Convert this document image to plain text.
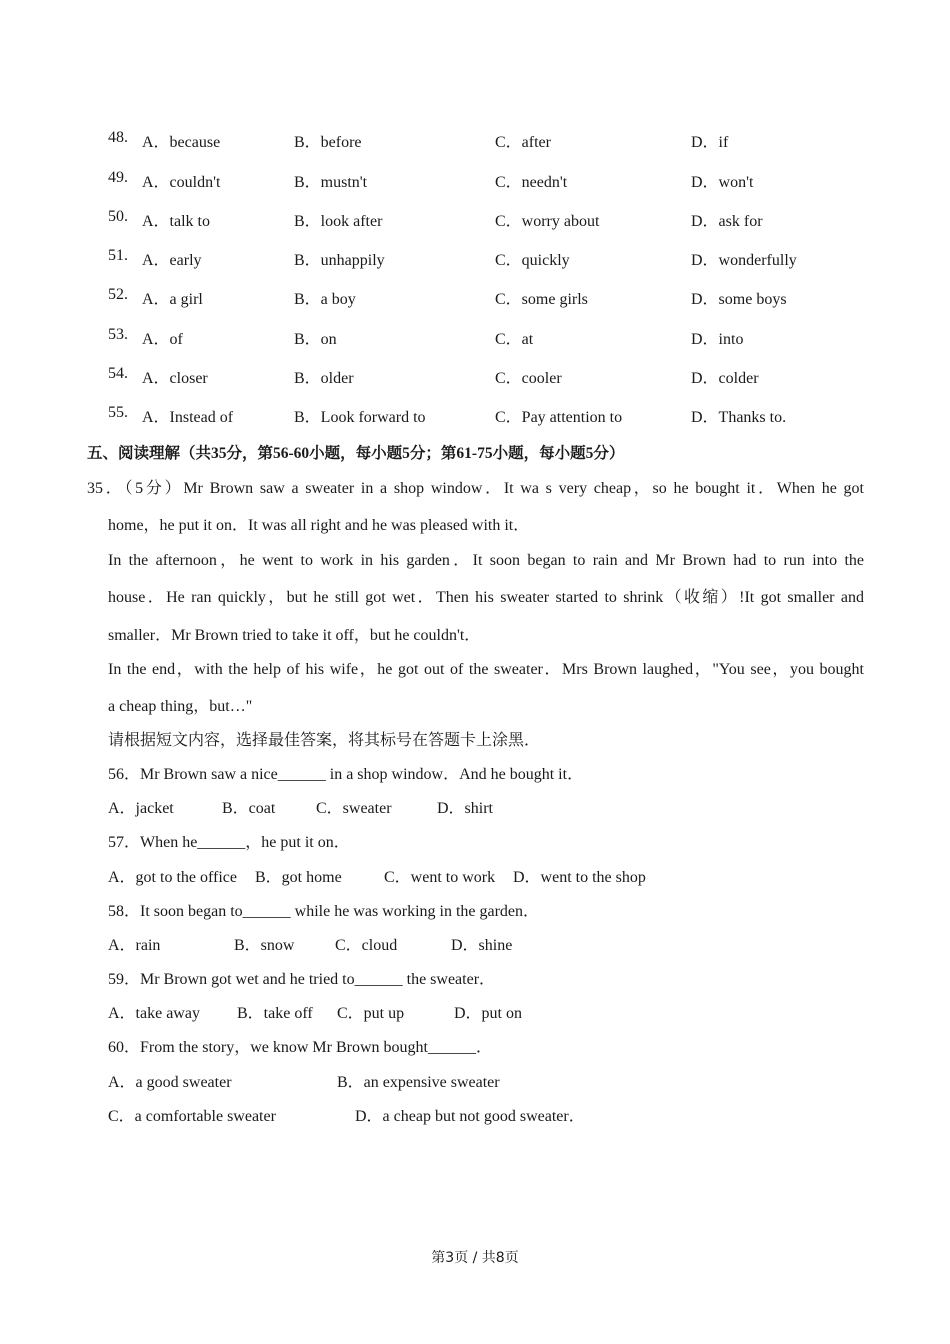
48. A．because	B．before	C．after	D．if
49. A．couldn't	B．mustn't	C．needn't	D．won't
50. A．talk to	B．look after	C．worry about	D．ask for
51. A．early	B．unhappily	C．quickly	D．wonderfully
52. A．a girl	B．a boy	C．some girls	D．some boys
53. A．of	B．on	C．at	D．into
54. A．closer	B．older	C．cooler	D．colder
55. A．Instead of	B．Look forward to	C．Pay attention to	D．Thanks to.
五、阅读理解（共35分，第56-60小题，每小题5分；第61-75小题，每小题5分）
35．（5分）Mr Brown saw a sweater in a shop window．It wa s very cheap，so he bought it．When he got
home，he put it on．It was all right and he was pleased with it．
In the afternoon，he went to work in his garden．It soon began to rain and Mr Brown had to run into the
house．He ran quickly，but he still got wet．Then his sweater started to shrink（收缩）!It got smaller and
smaller．Mr Brown tried to take it off，but he couldn't．
In the end，with the help of his wife，he got out of the sweater．Mrs Brown laughed，"You see，you bought
a cheap thing，but…"
请根据短文内容，选择最佳答案，将其标号在答题卡上涂黑．
56．Mr Brown saw a nice______ in a shop window．And he bought it．
A．jacket	B．coat	C．sweater	D．shirt
57．When he______，he put it on．
A．got to the office B．got home	C．went to work D．went to the shop
58．It soon began to______ while he was working in the garden．
A．rain	B．snow	C．cloud	D．shine
59．Mr Brown got wet and he tried to______ the sweater．
A．take away B．take off C．put up	D．put on
60．From the story，we know Mr Brown bought______．
A．a good sweater	B．an expensive sweater
C．a comfortable sweater	D．a cheap but not good sweater．
第3页 / 共8页
